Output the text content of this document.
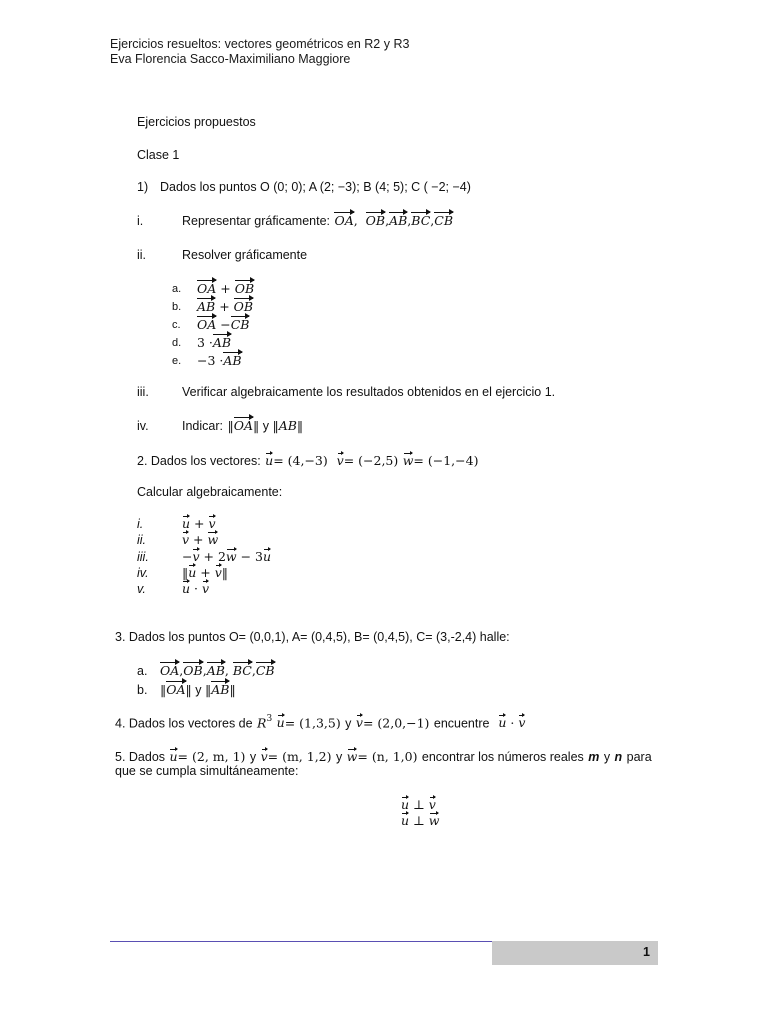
Ejercicios resueltos: vectores geométricos en R2 y R3
Eva Florencia Sacco-Maximiliano Maggiore
Ejercicios propuestos
Clase 1
1) Dados los puntos O (0; 0); A (2; −3); B (4; 5); C ( −2; −4)
i.	Representar gráficamente: OA,  OB,AB,BC,CB
ii.	Resolver gráficamente
a. OA + OB
b. AB + OB
c. OA −CB
d. 3 ·AB
e. −3 ·AB
iii.	Verificar algebraicamente los resultados obtenidos en el ejercicio 1.
iv.	Indicar: ‖OA‖ y ‖AB‖
2. Dados los vectores: u= (4,−3) v= (−2,5) w= (−1,−4)
Calcular algebraicamente:
i.	u + v
ii.	v + w
iii.	−v + 2w − 3u
iv.	‖u + v‖
v.	u · v
3. Dados los puntos O= (0,0,1), A= (0,4,5), B= (0,4,5), C= (3,-2,4) halle:
a. OA,OB,AB, BC,CB
b. ‖OA‖ y ‖AB‖
4. Dados los vectores de $R^3$ u= (1,3,5) y v= (2,0,−1) encuentre u · v
5. Dados u= (2, m, 1) y v= (m, 1,2) y w= (n, 1,0) encontrar los números reales m y n para
que se cumpla simultáneamente:
u ⊥ v
u ⊥ w
1
